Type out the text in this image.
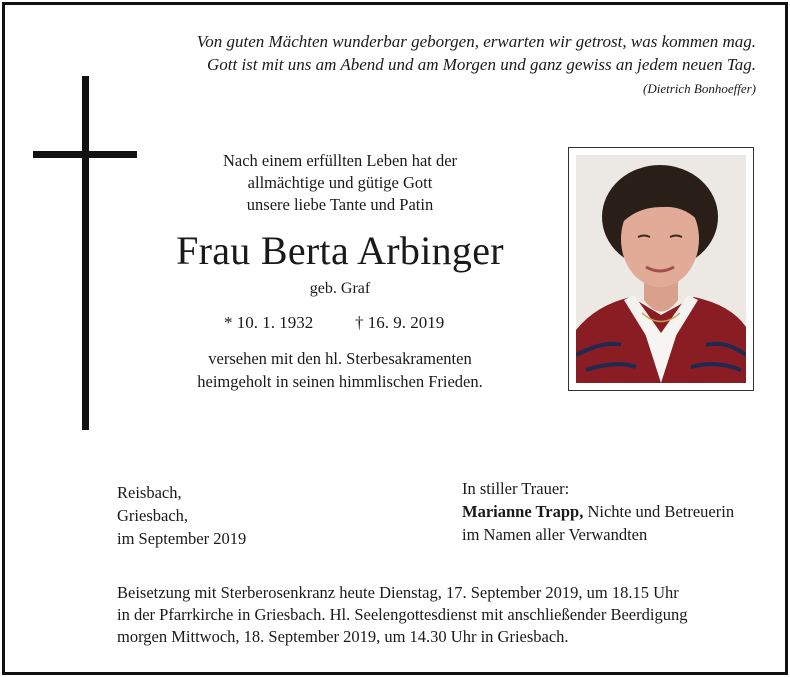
Von guten Mächten wunderbar geborgen, erwarten wir getrost, was kommen mag.
Gott ist mit uns am Abend und am Morgen und ganz gewiss an jedem neuen Tag.
(Dietrich Bonhoeffer)
Nach einem erfüllten Leben hat der
allmächtige und gütige Gott
unsere liebe Tante und Patin
Frau Berta Arbinger
geb. Graf
* 10. 1. 1932 † 16. 9. 2019
versehen mit den hl. Sterbesakramenten
heimgeholt in seinen himmlischen Frieden.
Reisbach,
Griesbach,
im September 2019
In stiller Trauer:
Marianne Trapp, Nichte und Betreuerin
im Namen aller Verwandten
Beisetzung mit Sterberosenkranz heute Dienstag, 17. September 2019, um 18.15 Uhr
in der Pfarrkirche in Griesbach. Hl. Seelengottesdienst mit anschließender Beerdigung
morgen Mittwoch, 18. September 2019, um 14.30 Uhr in Griesbach.
